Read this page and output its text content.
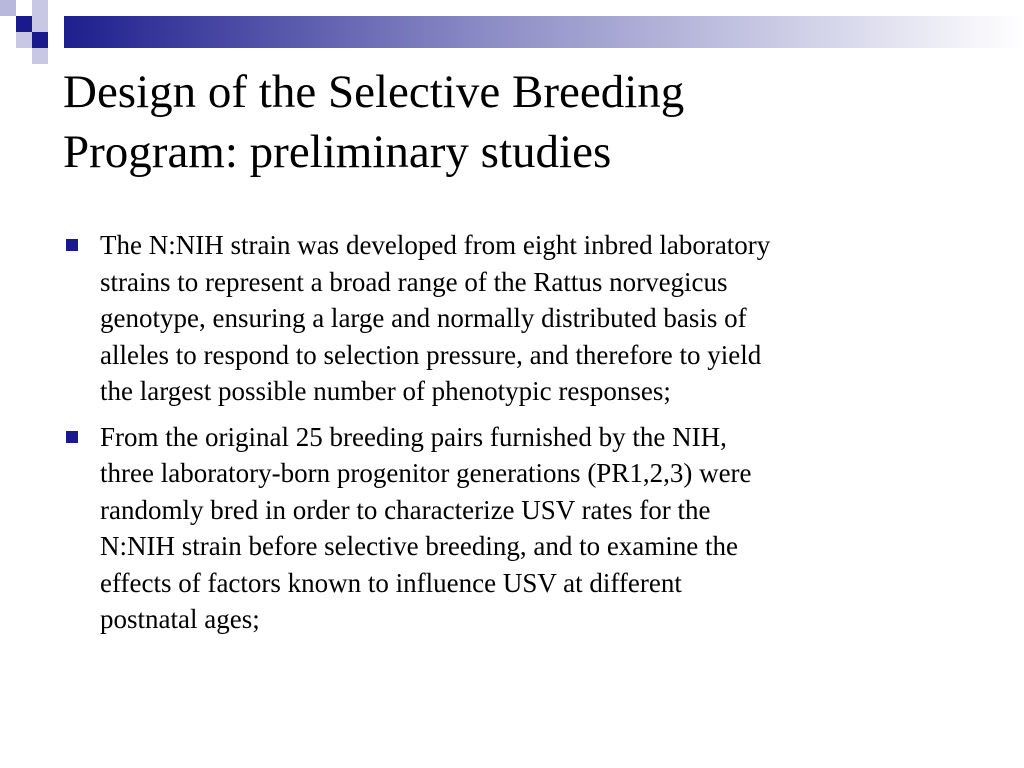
Design of the Selective Breeding
Program: preliminary studies
The N:NIH strain was developed from eight inbred laboratory
strains to represent a broad range of the Rattus norvegicus
genotype, ensuring a large and normally distributed basis of
alleles to respond to selection pressure, and therefore to yield
the largest possible number of phenotypic responses;
From the original 25 breeding pairs furnished by the NIH,
three laboratory-born progenitor generations (PR1,2,3) were
randomly bred in order to characterize USV rates for the
N:NIH strain before selective breeding, and to examine the
effects of factors known to influence USV at different
postnatal ages;
